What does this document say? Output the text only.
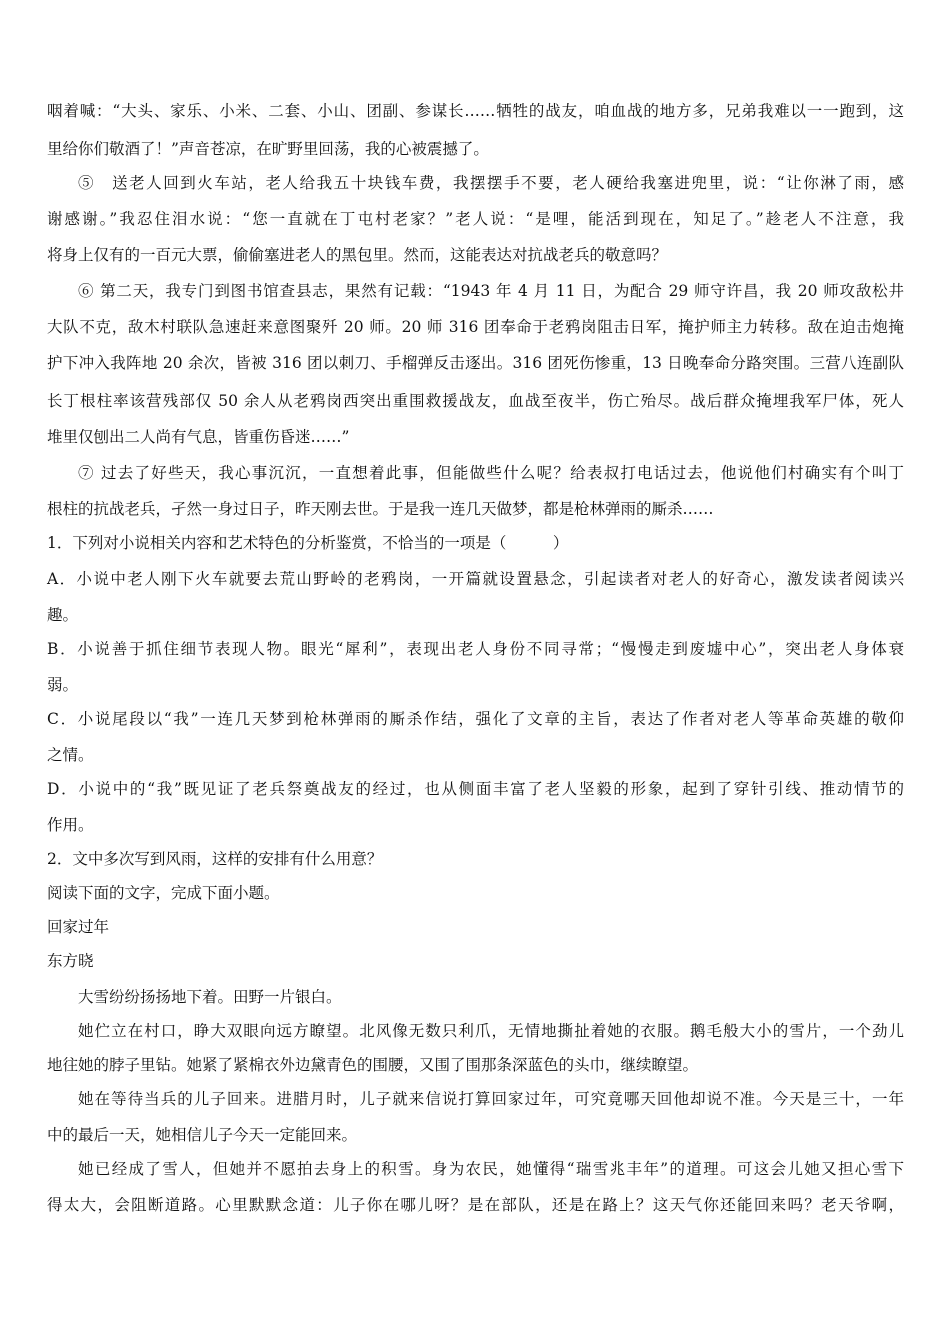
咽着喊：“大头、家乐、小米、二套、小山、团副、参谋长……牺牲的战友，咱血战的地方多，兄弟我难以一一跑到，这
里给你们敬酒了！”声音苍凉，在旷野里回荡，我的心被震撼了。
⑤　送老人回到火车站，老人给我五十块钱车费，我摆摆手不要，老人硬给我塞进兜里，说：“让你淋了雨，感
谢感谢。”我忍住泪水说：“您一直就在丁屯村老家？”老人说：“是哩，能活到现在，知足了。”趁老人不注意，我
将身上仅有的一百元大票，偷偷塞进老人的黑包里。然而，这能表达对抗战老兵的敬意吗？
⑥ 第二天，我专门到图书馆查县志，果然有记载：“1943 年 4 月 11 日，为配合 29 师守许昌，我 20 师攻敌松井
大队不克，敌木村联队急速赶来意图聚歼 20 师。20 师 316 团奉命于老鸦岗阻击日军，掩护师主力转移。敌在迫击炮掩
护下冲入我阵地 20 余次，皆被 316 团以刺刀、手榴弹反击逐出。316 团死伤惨重，13 日晚奉命分路突围。三营八连副队
长丁根柱率该营残部仅 50 余人从老鸦岗西突出重围救援战友，血战至夜半，伤亡殆尽。战后群众掩埋我军尸体，死人
堆里仅刨出二人尚有气息，皆重伤昏迷……”
⑦ 过去了好些天，我心事沉沉，一直想着此事，但能做些什么呢？给表叔打电话过去，他说他们村确实有个叫丁
根柱的抗战老兵，孑然一身过日子，昨天刚去世。于是我一连几天做梦，都是枪林弹雨的厮杀……
1．下列对小说相关内容和艺术特色的分析鉴赏，不恰当的一项是（　　　）
A．小说中老人刚下火车就要去荒山野岭的老鸦岗，一开篇就设置悬念，引起读者对老人的好奇心，激发读者阅读兴
趣。
B．小说善于抓住细节表现人物。眼光“犀利”，表现出老人身份不同寻常；“慢慢走到废墟中心”，突出老人身体衰
弱。
C．小说尾段以“我”一连几天梦到枪林弹雨的厮杀作结，强化了文章的主旨，表达了作者对老人等革命英雄的敬仰
之情。
D．小说中的“我”既见证了老兵祭奠战友的经过，也从侧面丰富了老人坚毅的形象，起到了穿针引线、推动情节的
作用。
2．文中多次写到风雨，这样的安排有什么用意？
阅读下面的文字，完成下面小题。
回家过年
东方晓
大雪纷纷扬扬地下着。田野一片银白。
她伫立在村口，睁大双眼向远方瞭望。北风像无数只利爪，无情地撕扯着她的衣服。鹅毛般大小的雪片，一个劲儿
地往她的脖子里钻。她紧了紧棉衣外边黛青色的围腰，又围了围那条深蓝色的头巾，继续瞭望。
她在等待当兵的儿子回来。进腊月时，儿子就来信说打算回家过年，可究竟哪天回他却说不准。今天是三十，一年
中的最后一天，她相信儿子今天一定能回来。
她已经成了雪人，但她并不愿拍去身上的积雪。身为农民，她懂得“瑞雪兆丰年”的道理。可这会儿她又担心雪下
得太大，会阻断道路。心里默默念道：儿子你在哪儿呀？是在部队，还是在路上？这天气你还能回来吗？老天爷啊，
